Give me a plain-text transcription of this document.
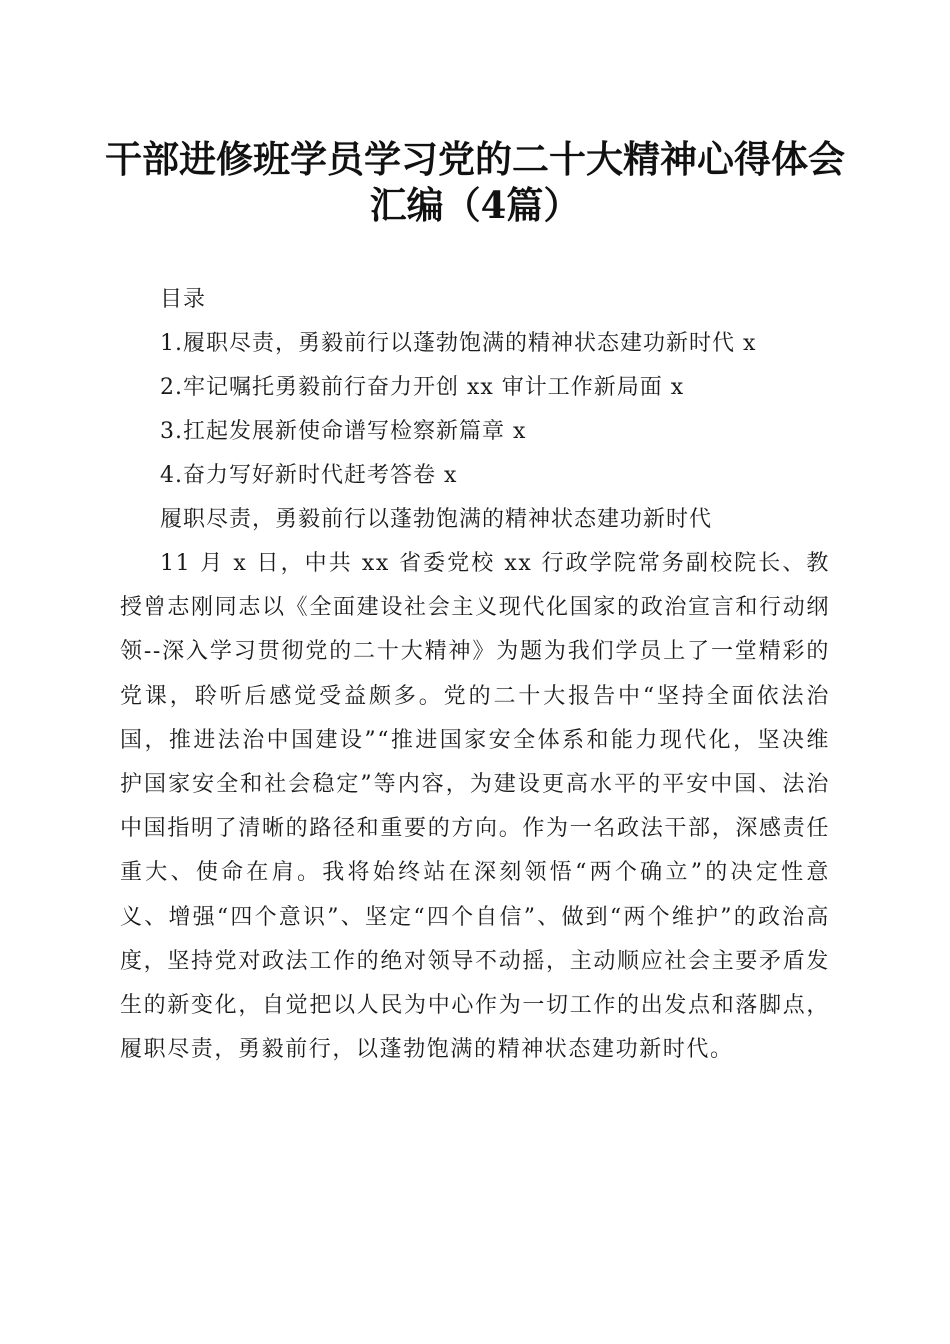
干部进修班学员学习党的二十大精神心得体会
汇编（4篇）
目录
1.履职尽责，勇毅前行以蓬勃饱满的精神状态建功新时代 x
2.牢记嘱托勇毅前行奋力开创 xx 审计工作新局面 x
3.扛起发展新使命谱写检察新篇章 x
4.奋力写好新时代赶考答卷 x
履职尽责，勇毅前行以蓬勃饱满的精神状态建功新时代

11 月 x 日，中共 xx 省委党校 xx 行政学院常务副校院长、教授曾志刚同志以《全面建设社会主义现代化国家的政治宣言和行动纲领--深入学习贯彻党的二十大精神》为题为我们学员上了一堂精彩的党课，聆听后感觉受益颇多。党的二十大报告中“坚持全面依法治国，推进法治中国建设”“推进国家安全体系和能力现代化，坚决维护国家安全和社会稳定”等内容，为建设更高水平的平安中国、法治中国指明了清晰的路径和重要的方向。作为一名政法干部，深感责任重大、使命在肩。我将始终站在深刻领悟“两个确立”的决定性意义、增强“四个意识”、坚定“四个自信”、做到“两个维护”的政治高度，坚持党对政法工作的绝对领导不动摇，主动顺应社会主要矛盾发生的新变化，自觉把以人民为中心作为一切工作的出发点和落脚点，履职尽责，勇毅前行，以蓬勃饱满的精神状态建功新时代。
